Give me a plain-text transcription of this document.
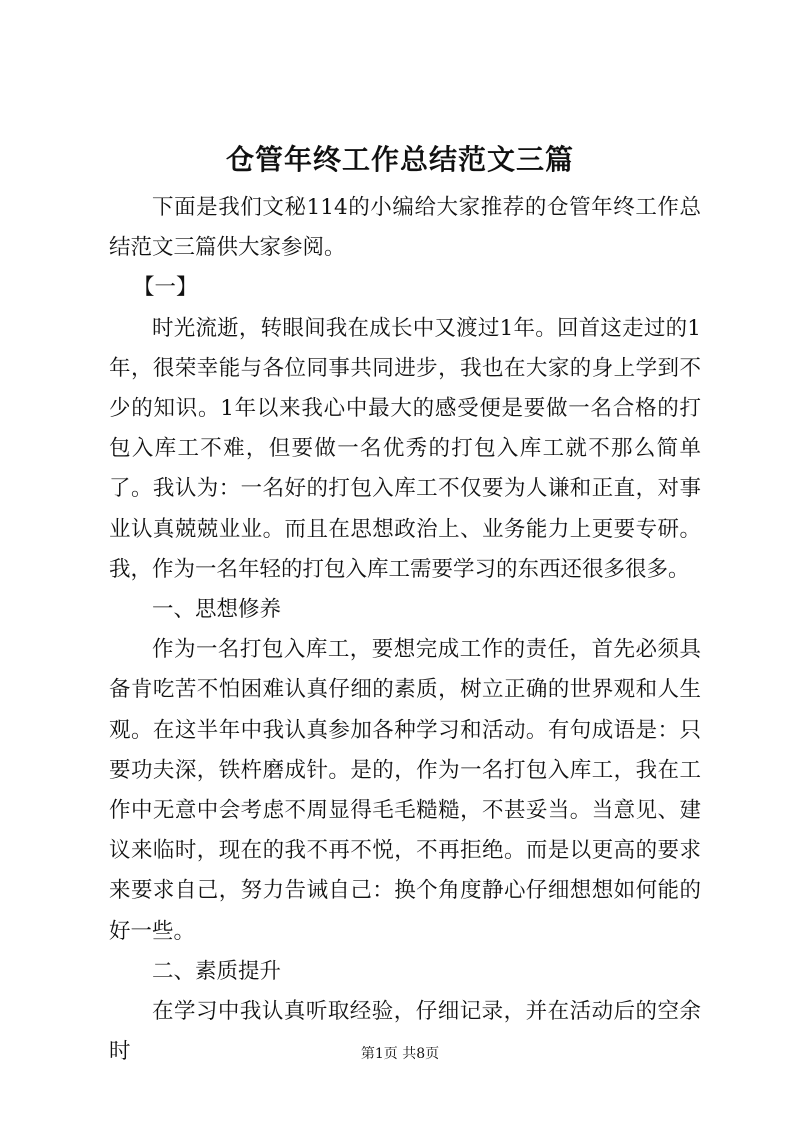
仓管年终工作总结范文三篇

下面是我们文秘114的小编给大家推荐的仓管年终工作总结范文三篇供大家参阅。

【一】

时光流逝，转眼间我在成长中又渡过1年。回首这走过的1年，很荣幸能与各位同事共同进步，我也在大家的身上学到不少的知识。1年以来我心中最大的感受便是要做一名合格的打包入库工不难，但要做一名优秀的打包入库工就不那么简单了。我认为：一名好的打包入库工不仅要为人谦和正直，对事业认真兢兢业业。而且在思想政治上、业务能力上更要专研。我，作为一名年轻的打包入库工需要学习的东西还很多很多。

一、思想修养

作为一名打包入库工，要想完成工作的责任，首先必须具备肯吃苦不怕困难认真仔细的素质，树立正确的世界观和人生观。在这半年中我认真参加各种学习和活动。有句成语是：只要功夫深，铁杵磨成针。是的，作为一名打包入库工，我在工作中无意中会考虑不周显得毛毛糙糙，不甚妥当。当意见、建议来临时，现在的我不再不悦，不再拒绝。而是以更高的要求来要求自己，努力告诫自己：换个角度静心仔细想想如何能的好一些。

二、素质提升

在学习中我认真听取经验，仔细记录，并在活动后的空余时	第1页 共8页
